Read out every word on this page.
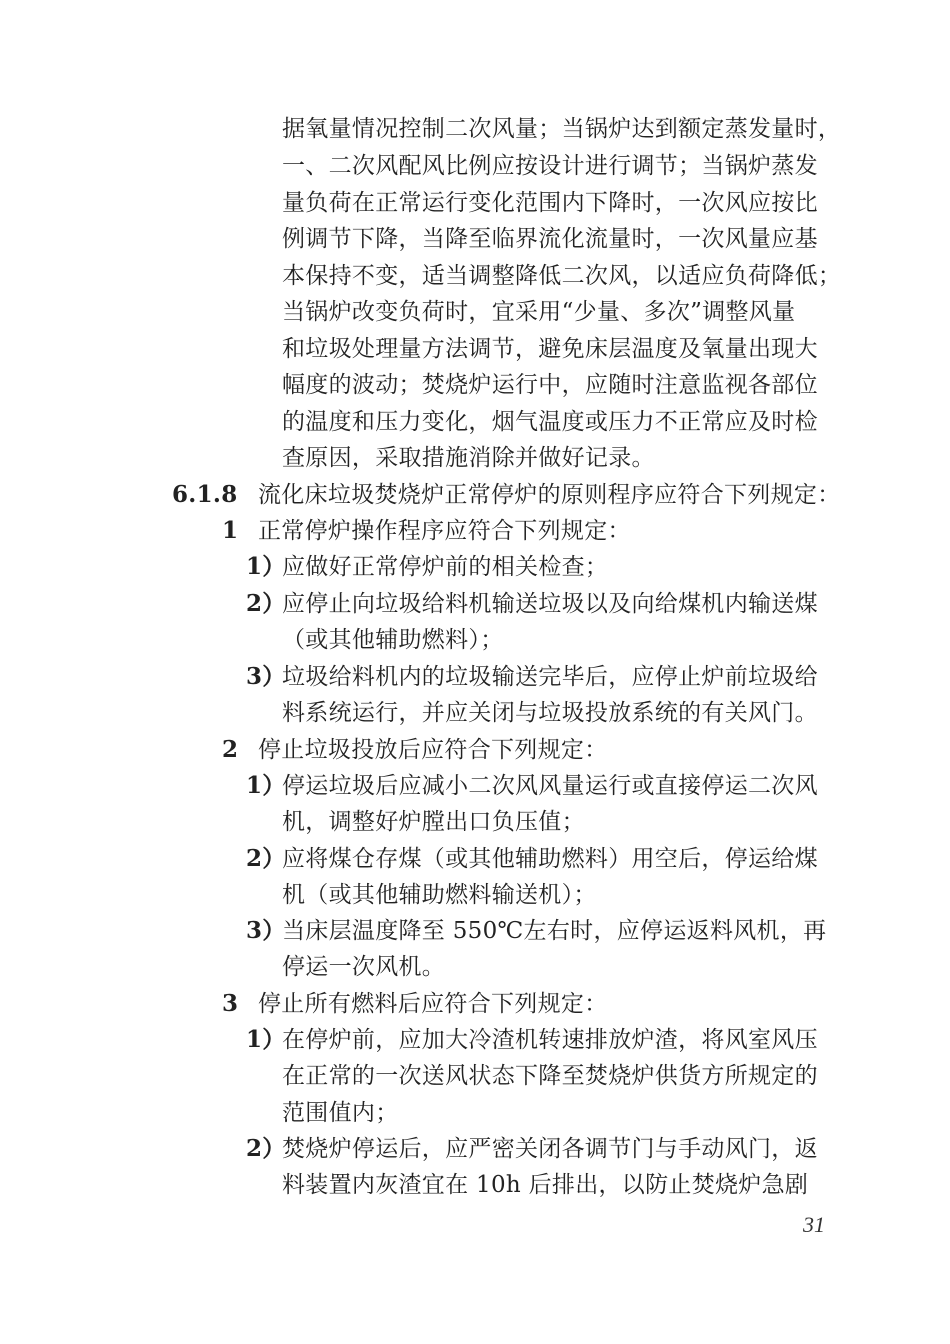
据氧量情况控制二次风量；当锅炉达到额定蒸发量时，
一、二次风配风比例应按设计进行调节；当锅炉蒸发
量负荷在正常运行变化范围内下降时，一次风应按比
例调节下降，当降至临界流化流量时，一次风量应基
本保持不变，适当调整降低二次风，以适应负荷降低；
当锅炉改变负荷时，宜采用“少量、多次”调整风量
和垃圾处理量方法调节，避免床层温度及氧量出现大
幅度的波动；焚烧炉运行中，应随时注意监视各部位
的温度和压力变化，烟气温度或压力不正常应及时检
查原因，采取措施消除并做好记录。
6.1.8 流化床垃圾焚烧炉正常停炉的原则程序应符合下列规定：
1 正常停炉操作程序应符合下列规定：
1）
应做好正常停炉前的相关检查；
2）
应停止向垃圾给料机输送垃圾以及向给煤机内输送煤
（或其他辅助燃料）；
3）
垃圾给料机内的垃圾输送完毕后，应停止炉前垃圾给
料系统运行，并应关闭与垃圾投放系统的有关风门。
2 停止垃圾投放后应符合下列规定：
1）
停运垃圾后应减小二次风风量运行或直接停运二次风
机，调整好炉膛出口负压值；
2）
应将煤仓存煤（或其他辅助燃料）用空后，停运给煤
机（或其他辅助燃料输送机）；
3）
当床层温度降至 550℃左右时，应停运返料风机，再
停运一次风机。
3 停止所有燃料后应符合下列规定：
1）
在停炉前，应加大冷渣机转速排放炉渣，将风室风压
在正常的一次送风状态下降至焚烧炉供货方所规定的
范围值内；
2）
焚烧炉停运后，应严密关闭各调节门与手动风门，返
料装置内灰渣宜在 10h 后排出，以防止焚烧炉急剧
31
